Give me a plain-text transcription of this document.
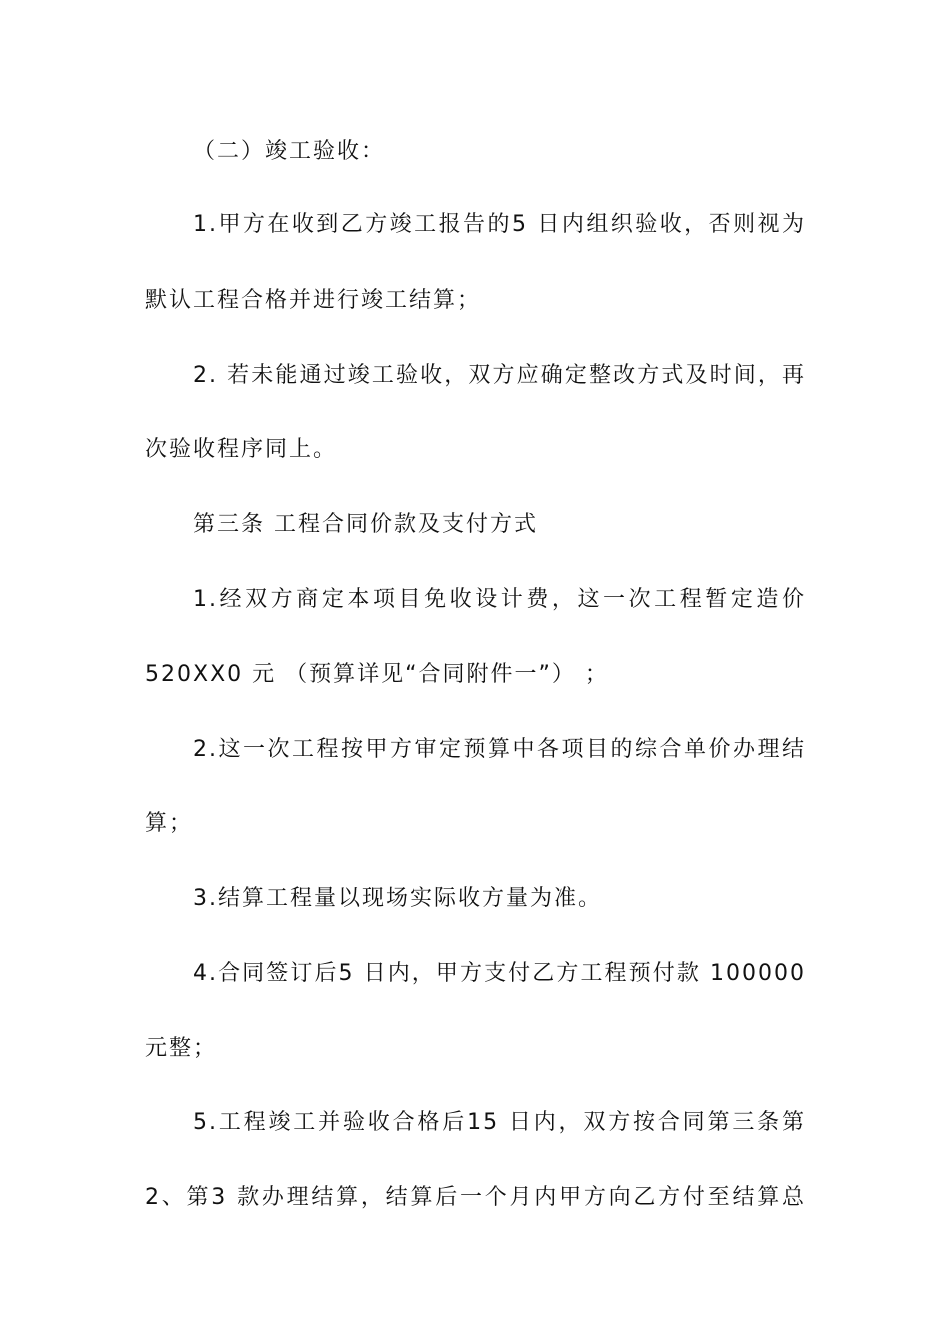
（二）竣工验收：
1.甲方在收到乙方竣工报告的5 日内组织验收，否则视为
默认工程合格并进行竣工结算；
2. 若未能通过竣工验收，双方应确定整改方式及时间，再
次验收程序同上。
第三条 工程合同价款及支付方式
1.经双方商定本项目免收设计费，这一次工程暂定造价
520XX0 元 （预算详见“合同附件一”） ；
2.这一次工程按甲方审定预算中各项目的综合单价办理结
算；
3.结算工程量以现场实际收方量为准。
4.合同签订后5 日内，甲方支付乙方工程预付款 100000
元整；
5.工程竣工并验收合格后15 日内，双方按合同第三条第
2、第3 款办理结算，结算后一个月内甲方向乙方付至结算总
